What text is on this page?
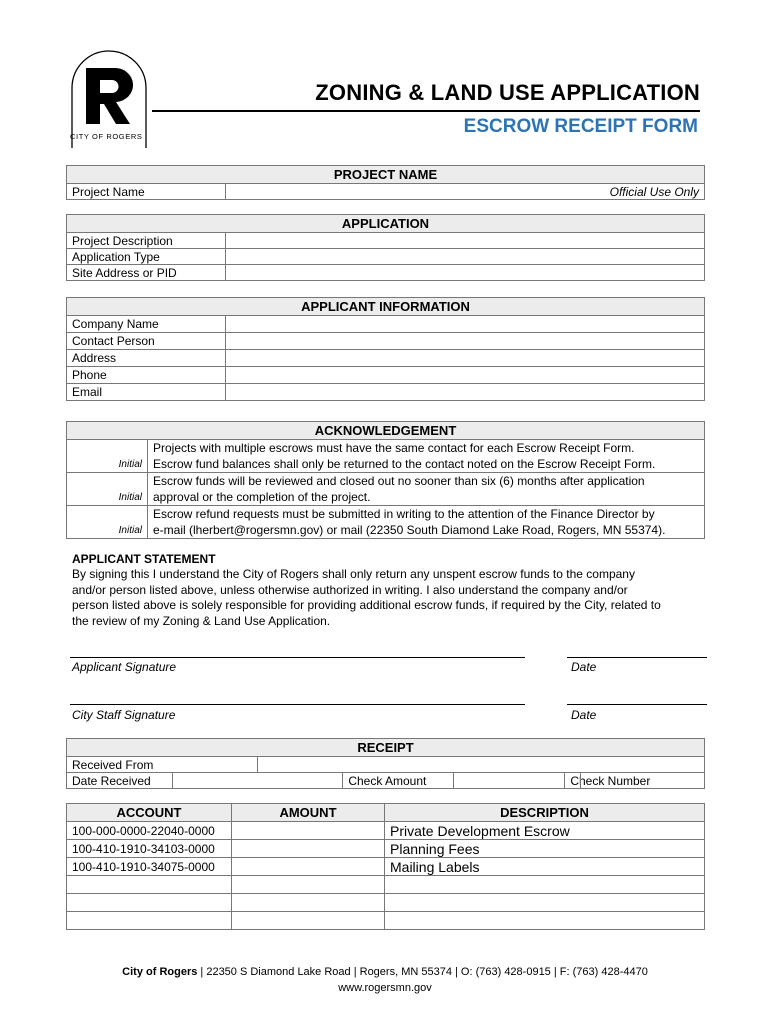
CITY OF ROGERS
ZONING & LAND USE APPLICATION
ESCROW RECEIPT FORM
PROJECT NAME
Project Name	Official Use Only
APPLICATION	
Project Description	
Application Type	
Site Address or PID	
APPLICANT INFORMATION	
Company Name	
Contact Person	
Address	
Phone	
Email	
ACKNOWLEDGEMENT	
Initial	Projects with multiple escrows must have the same contact for each Escrow Receipt Form.
Escrow fund balances shall only be returned to the contact noted on the Escrow Receipt Form.

Initial	Escrow funds will be reviewed and closed out no sooner than six (6) months after application
approval or the completion of the project.

Initial	Escrow refund requests must be submitted in writing to the attention of the Finance Director by
e-mail (lherbert@rogersmn.gov) or mail (22350 South Diamond Lake Road, Rogers, MN 55374).
APPLICANT STATEMENT
By signing this I understand the City of Rogers shall only return any unspent escrow funds to the company
and/or person listed above, unless otherwise authorized in writing. I also understand the company and/or
person listed above is solely responsible for providing additional escrow funds, if required by the City, related to
the review of my Zoning & Land Use Application.
Applicant Signature	Date
City Staff Signature	Date
RECEIPT					
Received From					
Date Received			Check Amount		Check Number
ACCOUNT	AMOUNT	DESCRIPTION
100-000-0000-22040-0000		Private Development Escrow
100-410-1910-34103-0000		Planning Fees
100-410-1910-34075-0000		Mailing Labels

City of Rogers | 22350 S Diamond Lake Road | Rogers, MN 55374 | O: (763) 428-0915 | F: (763) 428-4470
www.rogersmn.gov
